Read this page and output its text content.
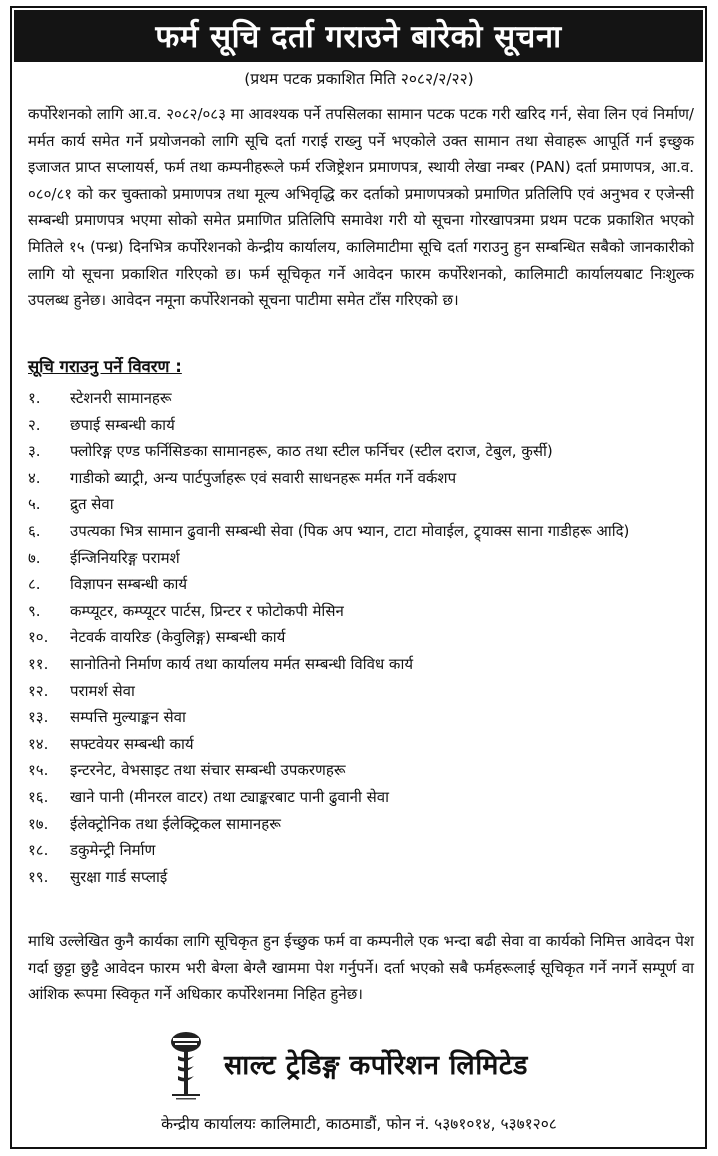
फर्म सूचि दर्ता गराउने बारेको सूचना
(प्रथम पटक प्रकाशित मिति २०८२/२/२२)
कर्पोरेशनको लागि आ.व. २०८२/०८३ मा आवश्यक पर्ने तपसिलका सामान पटक पटक गरी खरिद गर्न, सेवा लिन एवं निर्माण/मर्मत कार्य समेत गर्ने प्रयोजनको लागि सूचि दर्ता गराई राख्नु पर्ने भएकोले उक्त सामान तथा सेवाहरू आपूर्ति गर्न इच्छुक इजाजत प्राप्त सप्लायर्स, फर्म तथा कम्पनीहरूले फर्म रजिष्ट्रेशन प्रमाणपत्र, स्थायी लेखा नम्बर (PAN) दर्ता प्रमाणपत्र, आ.व. ०८०/८१ को कर चुक्ताको प्रमाणपत्र तथा मूल्य अभिवृद्धि कर दर्ताको प्रमाणपत्रको प्रमाणित प्रतिलिपि एवं अनुभव र एजेन्सी सम्बन्धी प्रमाणपत्र भएमा सोको समेत प्रमाणित प्रतिलिपि समावेश गरी यो सूचना गोरखापत्रमा प्रथम पटक प्रकाशित भएको मितिले १५ (पन्ध्र) दिनभित्र कर्पोरेशनको केन्द्रीय कार्यालय, कालिमाटीमा सूचि दर्ता गराउनु हुन सम्बन्धित सबैको जानकारीको लागि यो सूचना प्रकाशित गरिएको छ। फर्म सूचिकृत गर्ने आवेदन फारम कर्पोरेशनको, कालिमाटी कार्यालयबाट निःशुल्क उपलब्ध हुनेछ। आवेदन नमूना कर्पोरेशनको सूचना पाटीमा समेत टाँस गरिएको छ।
सूचि गराउनु पर्ने विवरण :
१.	स्टेशनरी सामानहरू
२.	छपाई सम्बन्धी कार्य
३.	फ्लोरिङ्ग एण्ड फर्निसिङका सामानहरू, काठ तथा स्टील फर्निचर (स्टील दराज, टेबुल, कुर्सी)
४.	गाडीको ब्याट्री, अन्य पार्टपुर्जाहरू एवं सवारी साधनहरू मर्मत गर्ने वर्कशप
५.	द्रुत सेवा
६.	उपत्यका भित्र सामान ढुवानी सम्बन्धी सेवा (पिक अप भ्यान, टाटा मोवाईल, ट्र्याक्स साना गाडीहरू आदि)
७.	ईन्जिनियरिङ्ग परामर्श
८.	विज्ञापन सम्बन्धी कार्य
९.	कम्प्यूटर, कम्प्यूटर पार्टस, प्रिन्टर र फोटोकपी मेसिन
१०.	नेटवर्क वायरिङ (केवुलिङ्ग) सम्बन्धी कार्य
११.	सानोतिनो निर्माण कार्य तथा कार्यालय मर्मत सम्बन्धी विविध कार्य
१२.	परामर्श सेवा
१३.	सम्पत्ति मुल्याङ्कन सेवा
१४.	सफ्टवेयर सम्बन्धी कार्य
१५.	इन्टरनेट, वेभसाइट तथा संचार सम्बन्धी उपकरणहरू
१६.	खाने पानी (मीनरल वाटर) तथा ट्याङ्करबाट पानी ढुवानी सेवा
१७.	ईलेक्ट्रोनिक तथा ईलेक्ट्रिकल सामानहरू
१८.	डकुमेन्ट्री निर्माण
१९.	सुरक्षा गार्ड सप्लाई
माथि उल्लेखित कुनै कार्यका लागि सूचिकृत हुन ईच्छुक फर्म वा कम्पनीले एक भन्दा बढी सेवा वा कार्यको निमित्त आवेदन पेश गर्दा छुट्टा छुट्टै आवेदन फारम भरी बेग्ला बेग्लै खाममा पेश गर्नुपर्ने। दर्ता भएको सबै फर्महरूलाई सूचिकृत गर्ने नगर्ने सम्पूर्ण वा आंशिक रूपमा स्विकृत गर्ने अधिकार कर्पोरेशनमा निहित हुनेछ।
साल्ट ट्रेडिङ्ग कर्पोरेशन लिमिटेड
केन्द्रीय कार्यालयः कालिमाटी, काठमाडौं, फोन नं. ५३७१०१४, ५३७१२०८
